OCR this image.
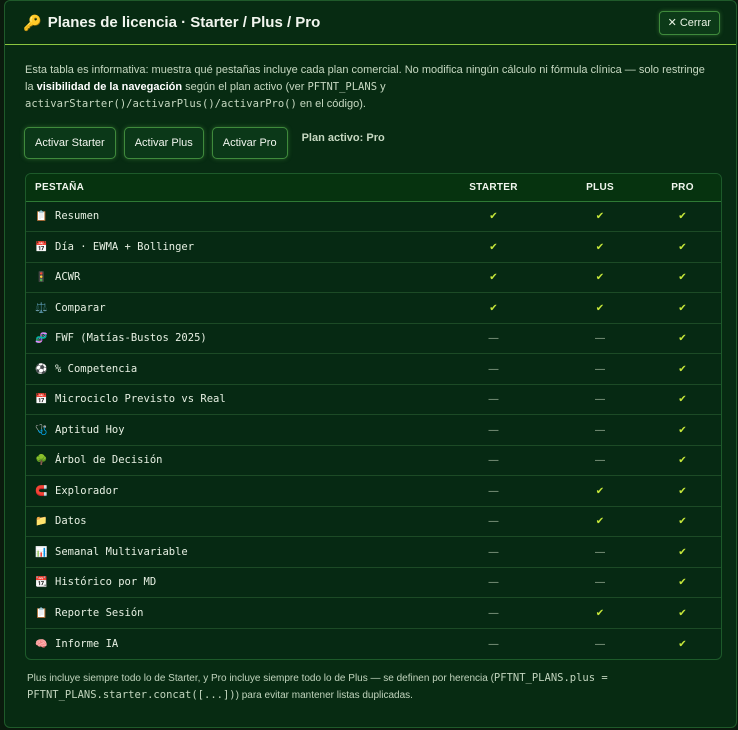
🔑 Planes de licencia · Starter / Plus / Pro	✕ Cerrar
Esta tabla es informativa: muestra qué pestañas incluye cada plan comercial. No modifica ningún cálculo ni fórmula clínica — solo restringe la visibilidad de la navegación según el plan activo (ver PFTNT_PLANS y
activarStarter()/activarPlus()/activarPro() en el código).
Activar Starter	Activar Plus	Activar Pro	Plan activo: Pro
PESTAÑA	STARTER	PLUS	PRO
📋 Resumen	✔	✔	✔
📅 Día · EWMA + Bollinger	✔	✔	✔
🚦 ACWR	✔	✔	✔
⚖️ Comparar	✔	✔	✔
🧬 FWF (Matías-Bustos 2025)	—	—	✔
⚽ % Competencia	—	—	✔
📅 Microciclo Previsto vs Real	—	—	✔
🩺 Aptitud Hoy	—	—	✔
🌳 Árbol de Decisión	—	—	✔
🧲 Explorador	—	✔	✔
📁 Datos	—	✔	✔
📊 Semanal Multivariable	—	—	✔
📆 Histórico por MD	—	—	✔
📋 Reporte Sesión	—	✔	✔
🧠 Informe IA	—	—	✔
Plus incluye siempre todo lo de Starter, y Pro incluye siempre todo lo de Plus — se definen por herencia (PFTNT_PLANS.plus = PFTNT_PLANS.starter.concat([...])) para evitar mantener listas duplicadas.
